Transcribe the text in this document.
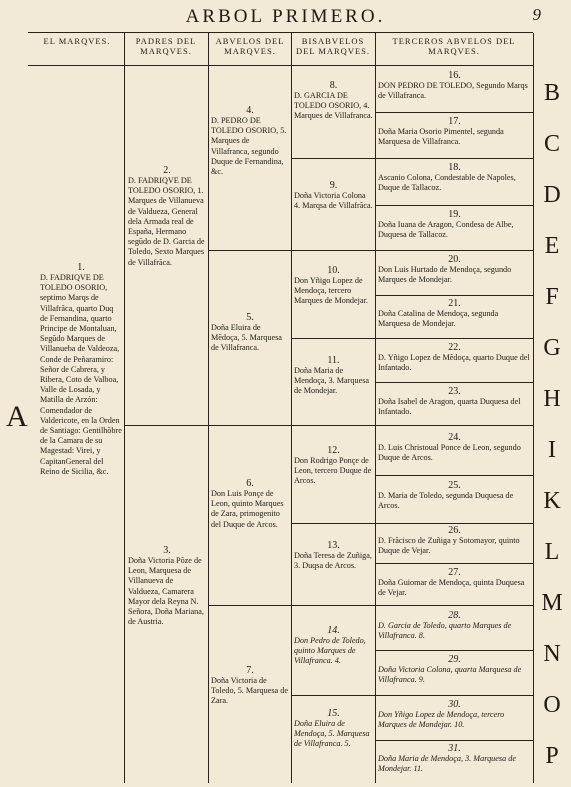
ARBOL PRIMERO.	9
EL MARQVES.	PADRES DEL MARQVES.
ABVELOS DEL MARQVES.
BISABVELOS DEL MARQVES.
TERCEROS ABVELOS DEL MARQVES.
1.
D. FADRIQVE DE TOLEDO OSORIO, septimo Marqs de Villafrãca, quarto Duq de Fernandina, quarto Principe de Montaluan, Segũdo Marques de Villanueba de Valdeoza, Conde de Peñaramiro: Señor de Cabrera, y Ribera, Coto de Valboa, Valle de Losada, y Matilla de Arzón: Comendador de Valdericote, en la Orden de Santiago: Gentilhõbre de la Camara de su Magestad: Virei, y CapitanGeneral del Reino de Sicilia, &c.
2.
D. FADRIQVE DE TOLEDO OSORIO, 1. Marques de Villanueva de Valdueza, General dela Armada real de España, Hermano segũdo de D. Garcia de Toledo, Sexto Marques de Villafrãca.
3.
Doña Victoria Põze de Leon, Marquesa de Villanueva de Valdueza, Camarera Mayor dela Reyna N. Señora, Doña Mariana, de Austria.
4.
D. PEDRO DE TOLEDO OSORIO, 5. Marques de Villafranca, segundo Duque de Fernandina, &c.
5.
Doña Eluira de Mẽdoça, 5. Marquesa de Villafranca.
6.
Don Luis Ponçe de Leon, quinto Marques de Zara, primogenito del Duque de Arcos.
7.
Doña Victoria de Toledo, 5. Marquesa de Zara.
8.
D. GARCIA DE TOLEDO OSORIO, 4. Marques de Villafranca.
9.
Doña Victoria Colona 4. Marqsa de Villafrãca.
10.
Don Yñigo Lopez de Mendoça, tercero Marques de Mondejar.
11.
Doña Maria de Mendoça, 3. Marquesa de Mondejar.
12.
Don Rodrigo Ponçe de Leon, tercero Duque de Arcos.
13.
Doña Teresa de Zuñiga, 3. Duqsa de Arcos.
14.
Don Pedro de Toledo, quinto Marques de Villafranca. 4.
15.
Doña Eluira de Mendoça, 5. Marquesa de Villafranca. 5.
16.
DON PEDRO DE TOLEDO, Segundo Marqs de Villafranca.
17.
Doña Maria Osorio Pimentel, segunda Marquesa de Villafranca.
18.
Ascanio Colona, Condestable de Napoles, Duque de Tallacoz.
19.
Doña Iuana de Aragon, Condesa de Albe, Duquesa de Tallacoz.
20.
Don Luis Hurtado de Mendoça, segundo Marques de Mondejar.
21.
Doña Catalina de Mendoça, segunda Marquesa de Mondejar.
22.
D. Yñigo Lopez de Mẽdoça, quarto Duque del Infantado.
23.
Doña Isabel de Aragon, quarta Duquesa del Infantado.
24.
D. Luis Christoual Ponce de Leon, segundo Duque de Arcos.
25.
D. Maria de Toledo, segunda Duquesa de Arcos.
26.
D. Frãcisco de Zuñiga y Sotomayor, quinto Duque de Vejar.
27.
Doña Guiomar de Mendoça, quinta Duquesa de Vejar.
28.
D. Garcia de Toledo, quarto Marques de Villafranca. 8.
29.
Doña Victoria Colona, quarta Marquesa de Villafranca. 9.
30.
Don Yñigo Lopez de Mendoça, tercero Marques de Mondejar. 10.
31.
Doña Maria de Mendoça, 3. Marquesa de Mondejar. 11.
A
B
C
D
E
F
G
H
I
K
L
M
N
O
P
